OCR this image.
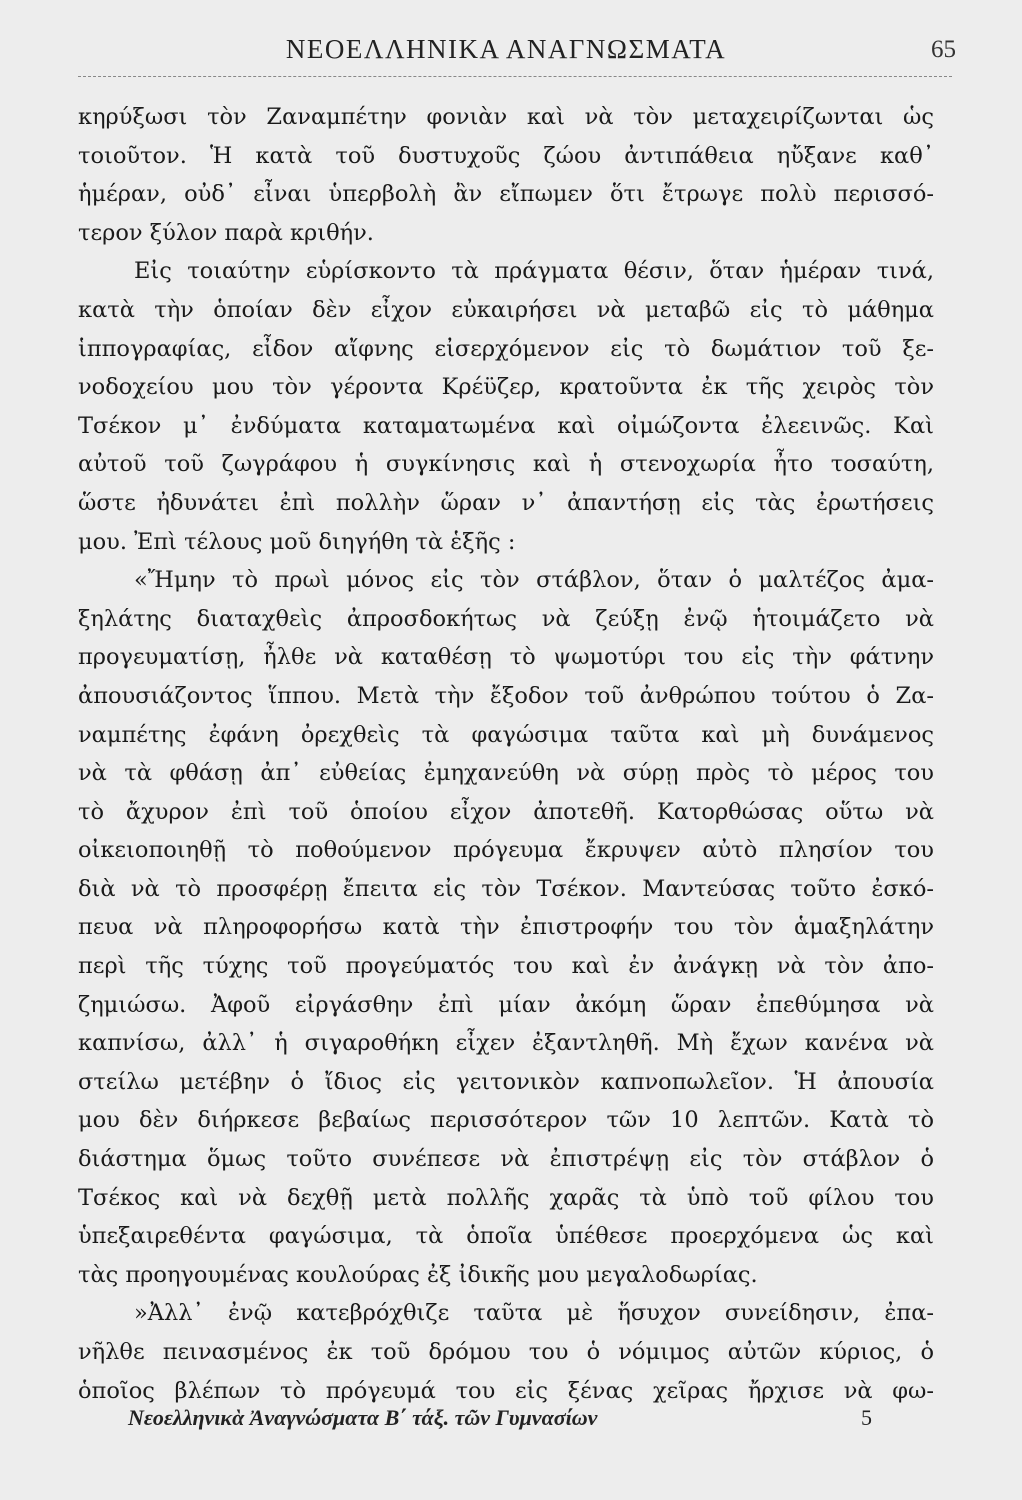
ΝΕΟΕΛΛΗΝΙΚΑ ΑΝΑΓΝΩΣΜΑΤΑ	65
κηρύξωσι τὸν Ζαναμπέτην φονιὰν καὶ νὰ τὸν μεταχειρίζωνται ὡς
τοιοῦτον. Ἡ κατὰ τοῦ δυστυχοῦς ζώου ἀντιπάθεια ηὔξανε καθ᾽
ἡμέραν, οὐδ᾽ εἶναι ὑπερβολὴ ἂν εἴπωμεν ὅτι ἔτρωγε πολὺ περισσό-
τερον ξύλον παρὰ κριθήν.
Εἰς τοιαύτην εὑρίσκοντο τὰ πράγματα θέσιν, ὅταν ἡμέραν τινά,
κατὰ τὴν ὁποίαν δὲν εἶχον εὐκαιρήσει νὰ μεταβῶ εἰς τὸ μάθημα
ἱππογραφίας, εἶδον αἴφνης εἰσερχόμενον εἰς τὸ δωμάτιον τοῦ ξε-
νοδοχείου μου τὸν γέροντα Κρέϋζερ, κρατοῦντα ἐκ τῆς χειρὸς τὸν
Τσέκον μ᾽ ἐνδύματα καταματωμένα καὶ οἰμώζοντα ἐλεεινῶς. Καὶ
αὐτοῦ τοῦ ζωγράφου ἡ συγκίνησις καὶ ἡ στενοχωρία ἦτο τοσαύτη,
ὥστε ἠδυνάτει ἐπὶ πολλὴν ὥραν ν᾽ ἀπαντήσῃ εἰς τὰς ἐρωτήσεις
μου. Ἐπὶ τέλους μοῦ διηγήθη τὰ ἑξῆς :
«Ἤμην τὸ πρωὶ μόνος εἰς τὸν στάβλον, ὅταν ὁ μαλτέζος ἀμα-
ξηλάτης διαταχθεὶς ἀπροσδοκήτως νὰ ζεύξῃ ἐνῷ ἡτοιμάζετο νὰ
προγευματίσῃ, ἦλθε νὰ καταθέσῃ τὸ ψωμοτύρι του εἰς τὴν φάτνην
ἀπουσιάζοντος ἵππου. Μετὰ τὴν ἔξοδον τοῦ ἀνθρώπου τούτου ὁ Ζα-
ναμπέτης ἐφάνη ὀρεχθεὶς τὰ φαγώσιμα ταῦτα καὶ μὴ δυνάμενος
νὰ τὰ φθάσῃ ἀπ᾽ εὐθείας ἐμηχανεύθη νὰ σύρῃ πρὸς τὸ μέρος του
τὸ ἄχυρον ἐπὶ τοῦ ὁποίου εἶχον ἀποτεθῆ. Κατορθώσας οὕτω νὰ
οἰκειοποιηθῇ τὸ ποθούμενον πρόγευμα ἔκρυψεν αὐτὸ πλησίον του
διὰ νὰ τὸ προσφέρῃ ἔπειτα εἰς τὸν Τσέκον. Μαντεύσας τοῦτο ἐσκό-
πευα νὰ πληροφορήσω κατὰ τὴν ἐπιστροφήν του τὸν ἁμαξηλάτην
περὶ τῆς τύχης τοῦ προγεύματός του καὶ ἐν ἀνάγκῃ νὰ τὸν ἀπο-
ζημιώσω. Ἀφοῦ εἰργάσθην ἐπὶ μίαν ἀκόμη ὥραν ἐπεθύμησα νὰ
καπνίσω, ἀλλ᾽ ἡ σιγαροθήκη εἶχεν ἐξαντληθῆ. Μὴ ἔχων κανένα νὰ
στείλω μετέβην ὁ ἴδιος εἰς γειτονικὸν καπνοπωλεῖον. Ἡ ἀπουσία
μου δὲν διήρκεσε βεβαίως περισσότερον τῶν 10 λεπτῶν. Κατὰ τὸ
διάστημα ὅμως τοῦτο συνέπεσε νὰ ἐπιστρέψῃ εἰς τὸν στάβλον ὁ
Τσέκος καὶ νὰ δεχθῇ μετὰ πολλῆς χαρᾶς τὰ ὑπὸ τοῦ φίλου του
ὑπεξαιρεθέντα φαγώσιμα, τὰ ὁποῖα ὑπέθεσε προερχόμενα ὡς καὶ
τὰς προηγουμένας κουλούρας ἐξ ἰδικῆς μου μεγαλοδωρίας.
»Ἀλλ᾽ ἐνῷ κατεβρόχθιζε ταῦτα μὲ ἥσυχον συνείδησιν, ἐπα-
νῆλθε πεινασμένος ἐκ τοῦ δρόμου του ὁ νόμιμος αὐτῶν κύριος, ὁ
ὁποῖος βλέπων τὸ πρόγευμά του εἰς ξένας χεῖρας ἤρχισε νὰ φω-
Νεοελληνικὰ Ἀναγνώσματα Β΄ τάξ. τῶν Γυμνασίων	5
